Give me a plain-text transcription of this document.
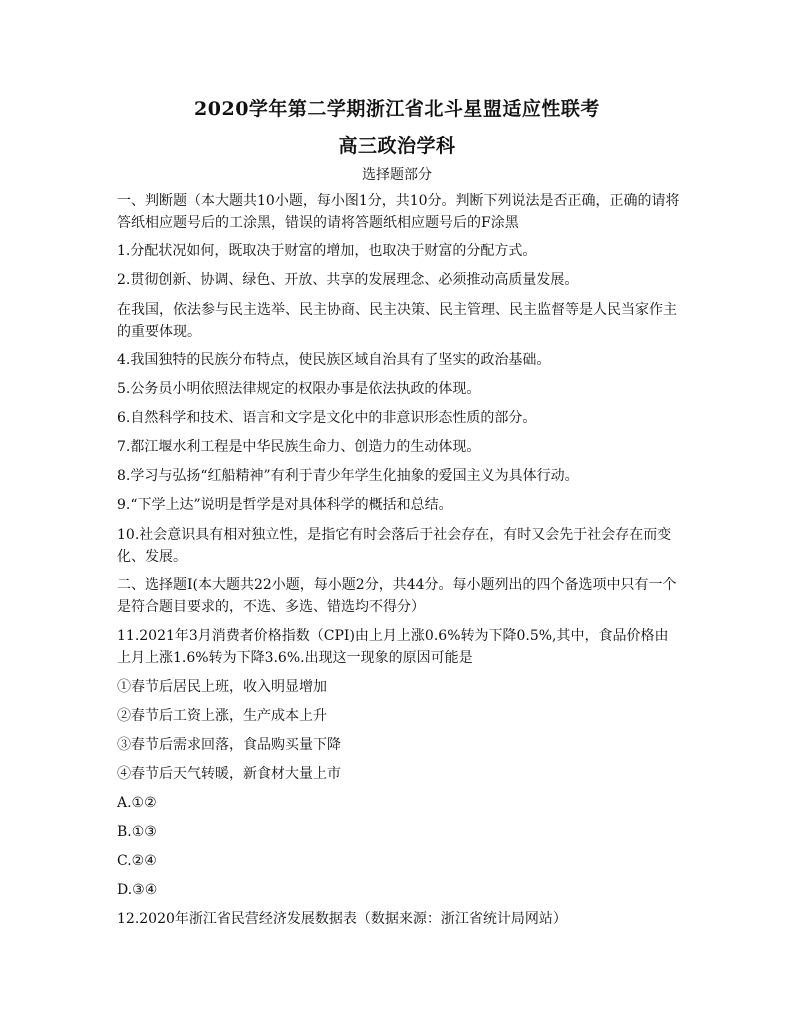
2020学年第二学期浙江省北斗星盟适应性联考
高三政治学科
选择题部分
一、判断题（本大题共10小题，每小图1分，共10分。判断下列说法是否正确，正确的请将答纸相应题号后的工涂黑，错误的请将答题纸相应题号后的F涂黑
1.分配状况如何，既取决于财富的增加，也取决于财富的分配方式。
2.贯彻创新、协调、绿色、开放、共享的发展理念、必须推动高质量发展。
在我国，依法参与民主选举、民主协商、民主决策、民主管理、民主监督等是人民当家作主的重要体现。
4.我国独特的民族分布特点，使民族区域自治具有了坚实的政治基础。
5.公务员小明依照法律规定的权限办事是依法执政的体现。
6.自然科学和技术、语言和文字是文化中的非意识形态性质的部分。
7.都江堰水利工程是中华民族生命力、创造力的生动体现。
8.学习与弘扬“红船精神”有利于青少年学生化抽象的爱国主义为具体行动。
9.“下学上达”说明是哲学是对具体科学的概括和总结。
10.社会意识具有相对独立性，是指它有时会落后于社会存在，有时又会先于社会存在而变化、发展。
二、选择题I(本大题共22小题，每小题2分，共44分。每小题列出的四个备选项中只有一个是符合题目要求的，不选、多选、错选均不得分）
11.2021年3月消费者价格指数（CPI)由上月上涨0.6%转为下降0.5%,其中，食品价格由上月上涨1.6%转为下降3.6%.出现这一现象的原因可能是
①春节后居民上班，收入明显增加
②春节后工资上涨，生产成本上升
③春节后需求回落，食品购买量下降
④春节后天气转暖，新食材大量上市
A.①②
B.①③
C.②④
D.③④
12.2020年浙江省民营经济发展数据表（数据来源：浙江省统计局网站）
